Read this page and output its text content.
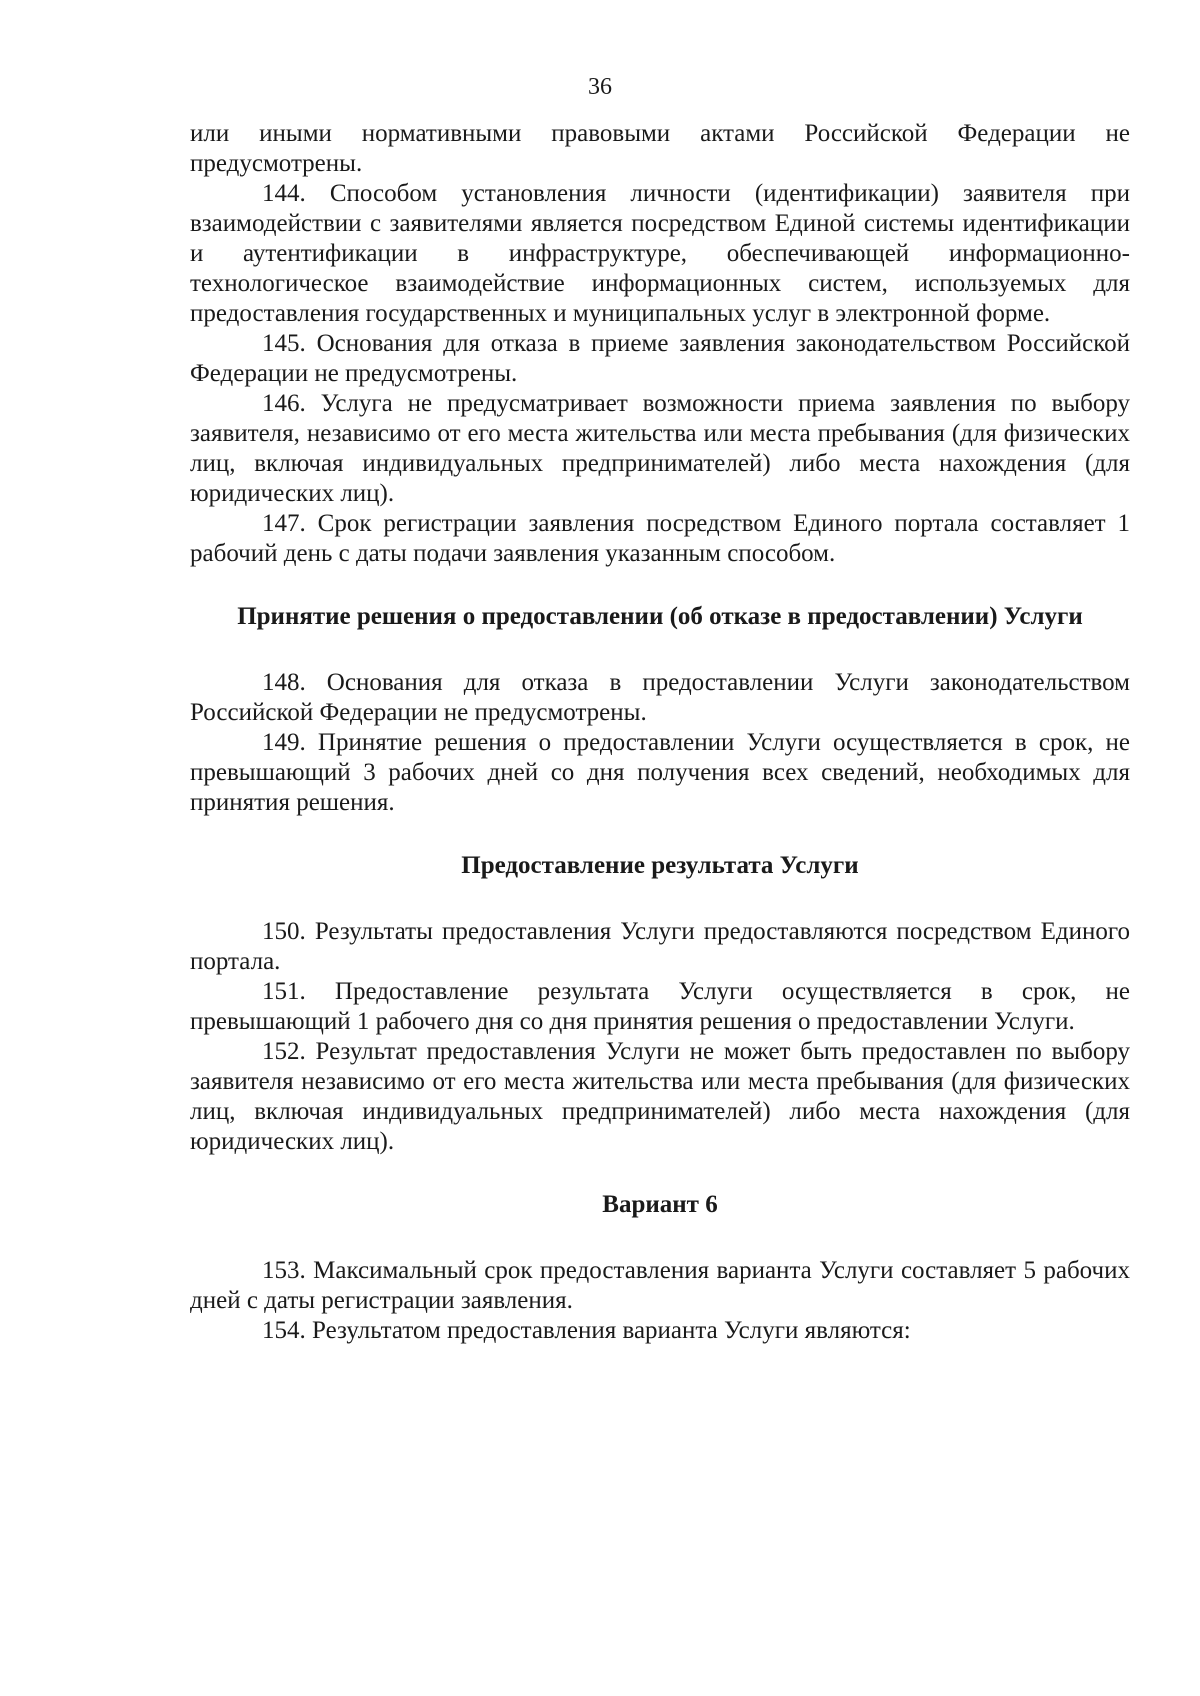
36

или иными нормативными правовыми актами Российской Федерации не предусмотрены.

144. Способом установления личности (идентификации) заявителя при взаимодействии с заявителями является посредством Единой системы идентификации и аутентификации в инфраструктуре, обеспечивающей информационно-технологическое взаимодействие информационных систем, используемых для предоставления государственных и муниципальных услуг в электронной форме.

145. Основания для отказа в приеме заявления законодательством Российской Федерации не предусмотрены.

146. Услуга не предусматривает возможности приема заявления по выбору заявителя, независимо от его места жительства или места пребывания (для физических лиц, включая индивидуальных предпринимателей) либо места нахождения (для юридических лиц).

147. Срок регистрации заявления посредством Единого портала составляет 1 рабочий день с даты подачи заявления указанным способом.

Принятие решения о предоставлении (об отказе в предоставлении) Услуги

148. Основания для отказа в предоставлении Услуги законодательством Российской Федерации не предусмотрены.

149. Принятие решения о предоставлении Услуги осуществляется в срок, не превышающий 3 рабочих дней со дня получения всех сведений, необходимых для принятия решения.

Предоставление результата Услуги

150. Результаты предоставления Услуги предоставляются посредством Единого портала.

151. Предоставление результата Услуги осуществляется в срок, не превышающий 1 рабочего дня со дня принятия решения о предоставлении Услуги.

152. Результат предоставления Услуги не может быть предоставлен по выбору заявителя независимо от его места жительства или места пребывания (для физических лиц, включая индивидуальных предпринимателей) либо места нахождения (для юридических лиц).

Вариант 6

153. Максимальный срок предоставления варианта Услуги составляет 5 рабочих дней с даты регистрации заявления.

154. Результатом предоставления варианта Услуги являются:
